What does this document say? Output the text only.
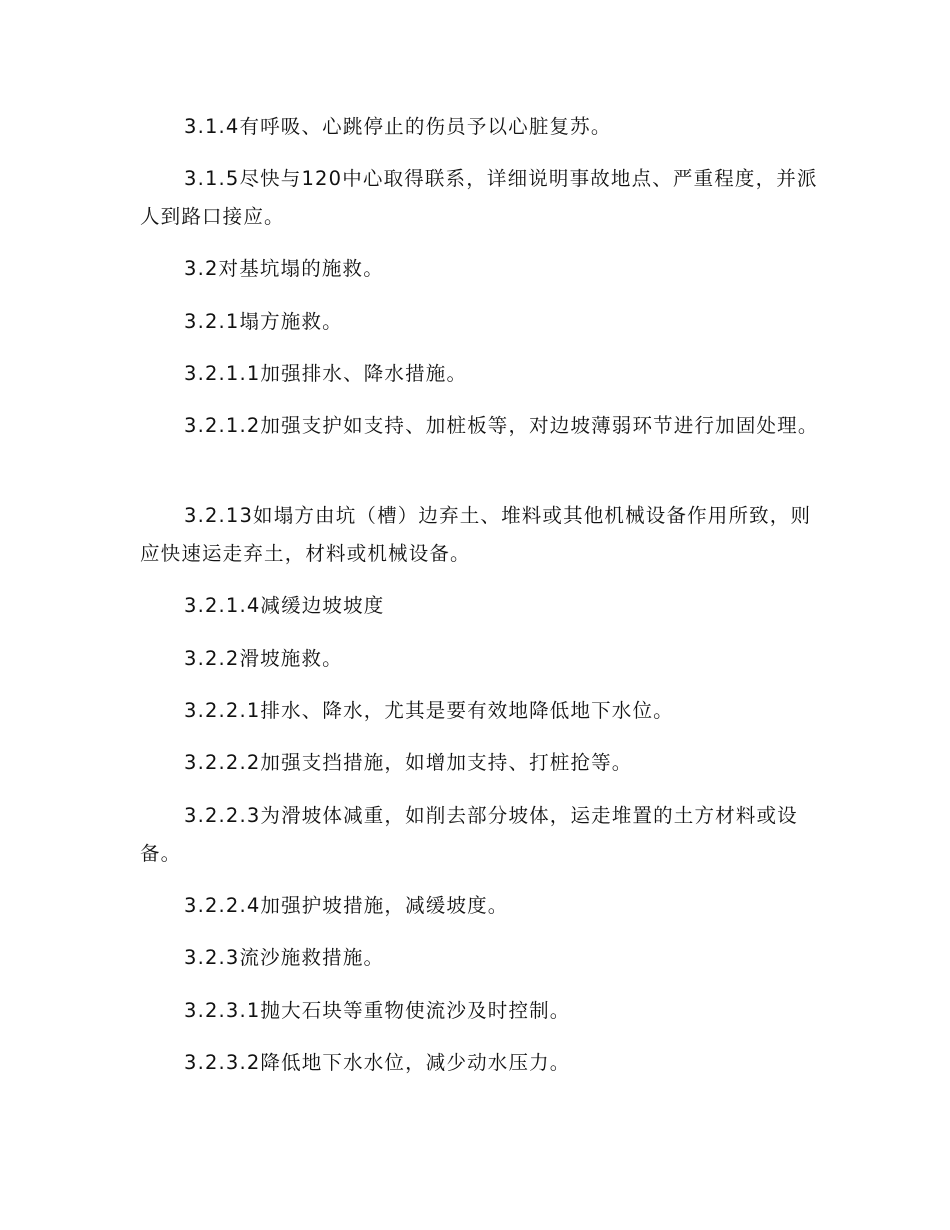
3.1.4有呼吸、心跳停止的伤员予以心脏复苏。

3.1.5尽快与120中心取得联系，详细说明事故地点、严重程度，并派人到路口接应。

3.2对基坑塌的施救。

3.2.1塌方施救。

3.2.1.1加强排水、降水措施。

3.2.1.2加强支护如支持、加桩板等，对边坡薄弱环节进行加固处理。

3.2.13如塌方由坑（槽）边弃土、堆料或其他机械设备作用所致，则应快速运走弃土，材料或机械设备。

3.2.1.4减缓边坡坡度

3.2.2滑坡施救。

3.2.2.1排水、降水，尤其是要有效地降低地下水位。

3.2.2.2加强支挡措施，如增加支持、打桩抢等。

3.2.2.3为滑坡体减重，如削去部分坡体，运走堆置的土方材料或设备。

3.2.2.4加强护坡措施，减缓坡度。

3.2.3流沙施救措施。

3.2.3.1抛大石块等重物使流沙及时控制。

3.2.3.2降低地下水水位，减少动水压力。
